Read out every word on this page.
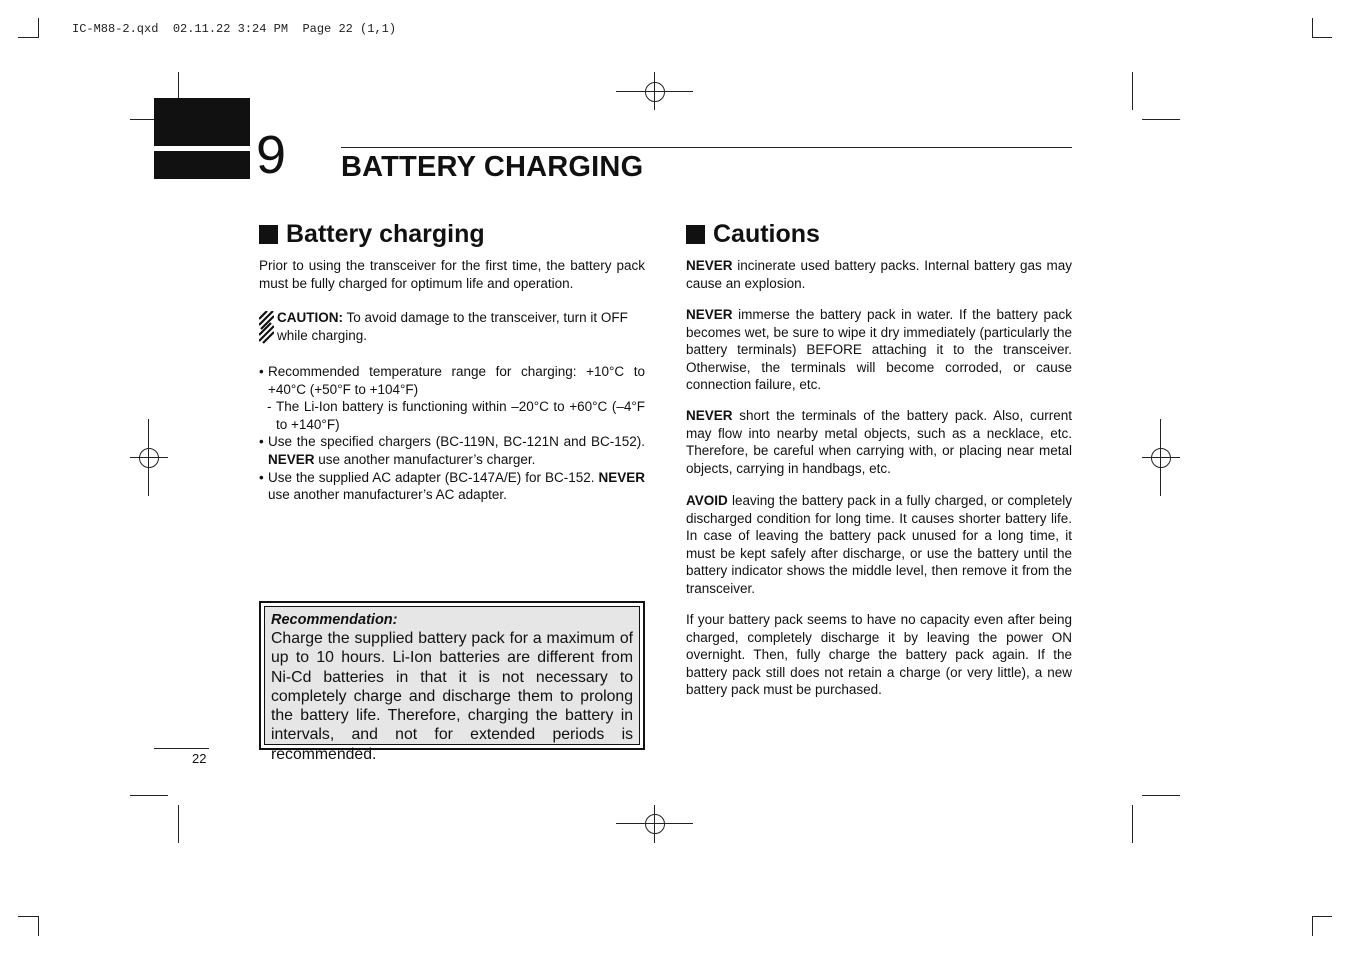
IC-M88-2.qxd  02.11.22 3:24 PM  Page 22 (1,1)
9 BATTERY CHARGING
Battery charging

Prior to using the transceiver for the first time, the battery pack must be fully charged for optimum life and operation.

CAUTION: To avoid damage to the transceiver, turn it OFF while charging.
• Recommended temperature range for charging: +10°C to +40°C (+50°F to +104°F)
- The Li-Ion battery is functioning within –20°C to +60°C (–4°F to +140°F)
• Use the specified chargers (BC-119N, BC-121N and BC-152). NEVER use another manufacturer’s charger.
• Use the supplied AC adapter (BC-147A/E) for BC-152. NEVER use another manufacturer’s AC adapter.
Recommendation:

Charge the supplied battery pack for a maximum of up to 10 hours. Li-Ion batteries are different from Ni-Cd batteries in that it is not necessary to completely charge and discharge them to prolong the battery life. Therefore, charging the battery in intervals, and not for extended periods is recommended.

22
Cautions

NEVER incinerate used battery packs. Internal battery gas may cause an explosion.

NEVER immerse the battery pack in water. If the battery pack becomes wet, be sure to wipe it dry immediately (particularly the battery terminals) BEFORE attaching it to the transceiver. Otherwise, the terminals will become corroded, or cause connection failure, etc.

NEVER short the terminals of the battery pack. Also, current may flow into nearby metal objects, such as a necklace, etc. Therefore, be careful when carrying with, or placing near metal objects, carrying in handbags, etc.

AVOID leaving the battery pack in a fully charged, or completely discharged condition for long time. It causes shorter battery life. In case of leaving the battery pack unused for a long time, it must be kept safely after discharge, or use the battery until the battery indicator shows the middle level, then remove it from the transceiver.

If your battery pack seems to have no capacity even after being charged, completely discharge it by leaving the power ON overnight. Then, fully charge the battery pack again. If the battery pack still does not retain a charge (or very little), a new battery pack must be purchased.
